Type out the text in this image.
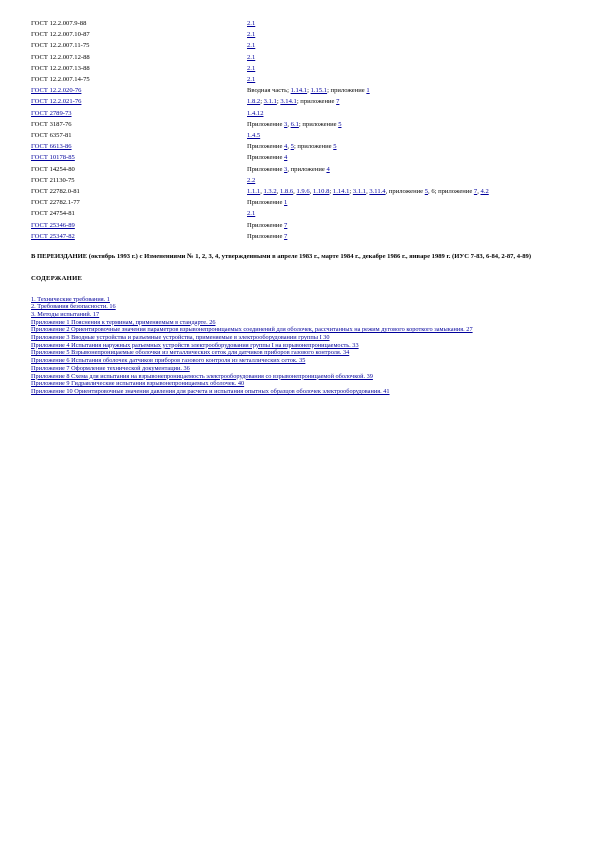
ГОСТ 12.2.007.9-88	2.1
ГОСТ 12.2.007.10-87	2.1
ГОСТ 12.2.007.11-75	2.1
ГОСТ 12.2.007.12-88	2.1
ГОСТ 12.2.007.13-88	2.1
ГОСТ 12.2.007.14-75	2.1
ГОСТ 12.2.020-76	Вводная часть; 1.14.1; 1.15.1; приложение 1
ГОСТ 12.2.021-76	1.8.2; 3.1.1; 3.14.1; приложение 7
ГОСТ 2789-73	1.4.12
ГОСТ 3187-76	Приложение 3, 6.1; приложение 5
ГОСТ 6357-81	1.4.5
ГОСТ 6613-86	Приложение 4, 5; приложение 5
ГОСТ 10178-85	Приложение 4
ГОСТ 14254-80	Приложение 3, приложение 4
ГОСТ 21130-75	2.2
ГОСТ 22782.0-81	1.1.1, 1.3.2, 1.8.6, 1.9.6, 1.10.8; 1.14.1; 3.1.1, 3.11.4, приложение 5, 6; приложение 7, 4.2
ГОСТ 22782.1-77	Приложение 1
ГОСТ 24754-81	2.1
ГОСТ 25346-89	Приложение 7
ГОСТ 25347-82	Приложение 7
В ПЕРЕИЗДАНИЕ (октябрь 1993 г.) с Изменениями № 1, 2, 3, 4, утвержденными в апреле 1983 г., марте 1984 г., декабре 1986 г., январе 1989 г. (ИУС 7-83, 6-84, 2-87, 4-89)
СОДЕРЖАНИЕ
1. Технические требования. 1
2. Требования безопасности. 16
3. Методы испытаний. 17
Приложение 1 Пояснения к терминам, применяемым в стандарте. 26
Приложение 2 Ориентировочные значения параметров взрывонепроницаемых соединений для оболочек, рассчитанных на режим дугового короткого замыкания. 27
Приложение 3 Вводные устройства и разъемные устройства, применяемые в электрооборудовании группы I 30
Приложение 4 Испытания наружных разъемных устройств электрооборудования группы I на взрывонепроницаемость. 33
Приложение 5 Взрывонепроницаемые оболочки из металлических сеток для датчиков приборов газового контроля. 34
Приложение 6 Испытания оболочек датчиков приборов газового контроля из металлических сеток. 35
Приложение 7 Оформление технической документации. 36
Приложение 8 Схема для испытания на взрывонепроницаемость электрооборудования со взрывонепроницаемой оболочкой. 39
Приложение 9 Гидравлические испытания взрывонепроницаемых оболочек. 40
Приложение 10 Ориентировочные значения давления для расчета и испытания опытных образцов оболочек электрооборудования. 41
